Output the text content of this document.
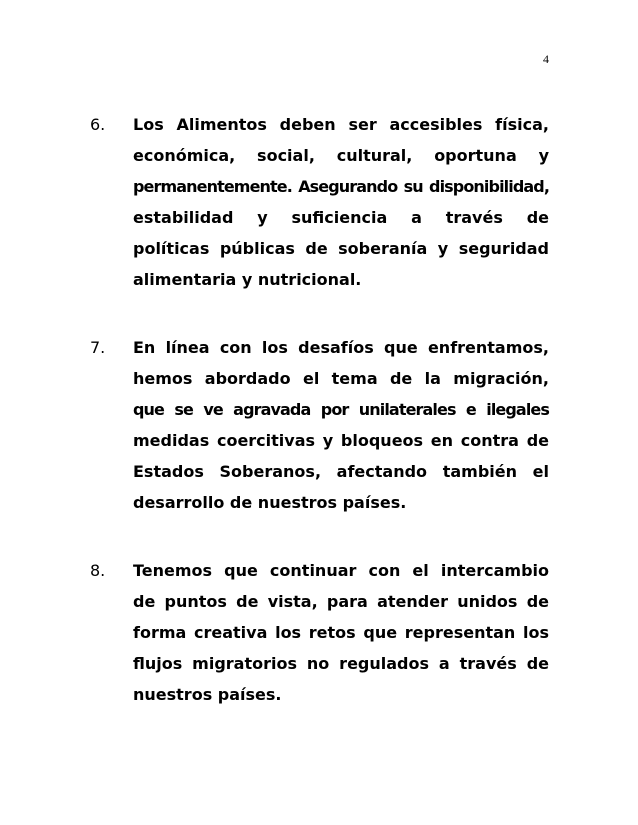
4
6. Los Alimentos deben ser accesibles física,
económica, social, cultural, oportuna y
permanentemente. Asegurando su disponibilidad,
estabilidad y suficiencia a través de
políticas públicas de soberanía y seguridad
alimentaria y nutricional.
7. En línea con los desafíos que enfrentamos,
hemos abordado el tema de la migración,
que se ve agravada por unilaterales e ilegales
medidas coercitivas y bloqueos en contra de
Estados Soberanos, afectando también el
desarrollo de nuestros países.
8. Tenemos que continuar con el intercambio
de puntos de vista, para atender unidos de
forma creativa los retos que representan los
flujos migratorios no regulados a través de
nuestros países.
